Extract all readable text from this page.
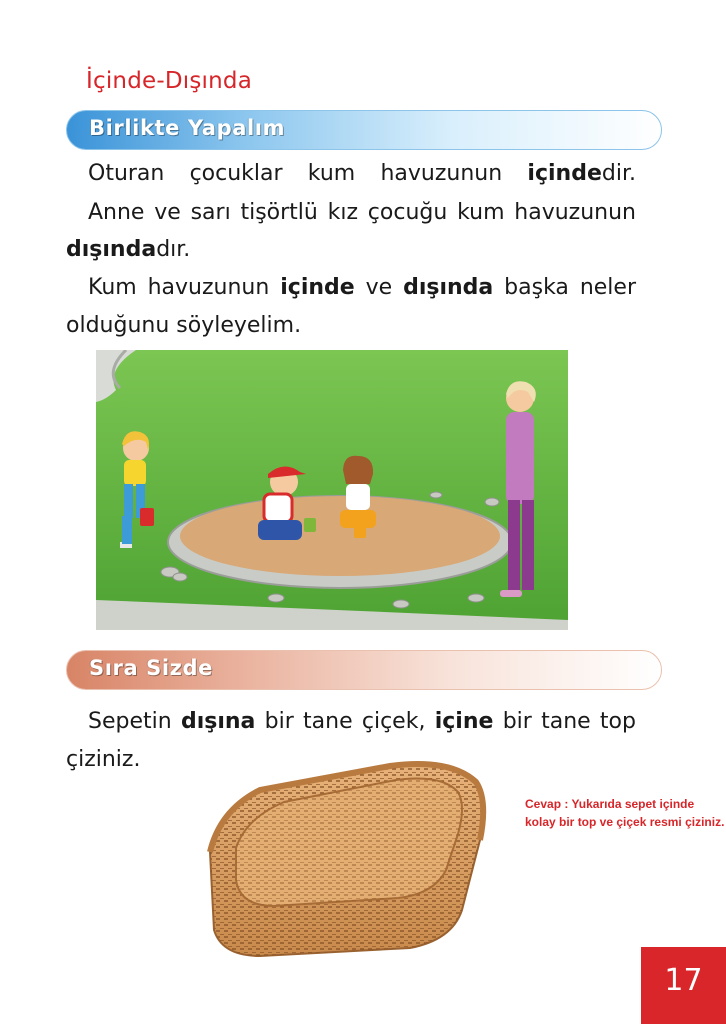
İçinde-Dışında
Birlikte Yapalım
Oturan çocuklar kum havuzunun içindedir.
Anne ve sarı tişörtlü kız çocuğu kum havuzunun
dışındadır.
Kum havuzunun içinde ve dışında başka neler
olduğunu söyleyelim.
Sıra Sizde
Sepetin dışına bir tane çiçek, içine bir tane top
çiziniz.
Cevap : Yukarıda sepet içinde kolay bir top ve çiçek resmi çiziniz.
17
